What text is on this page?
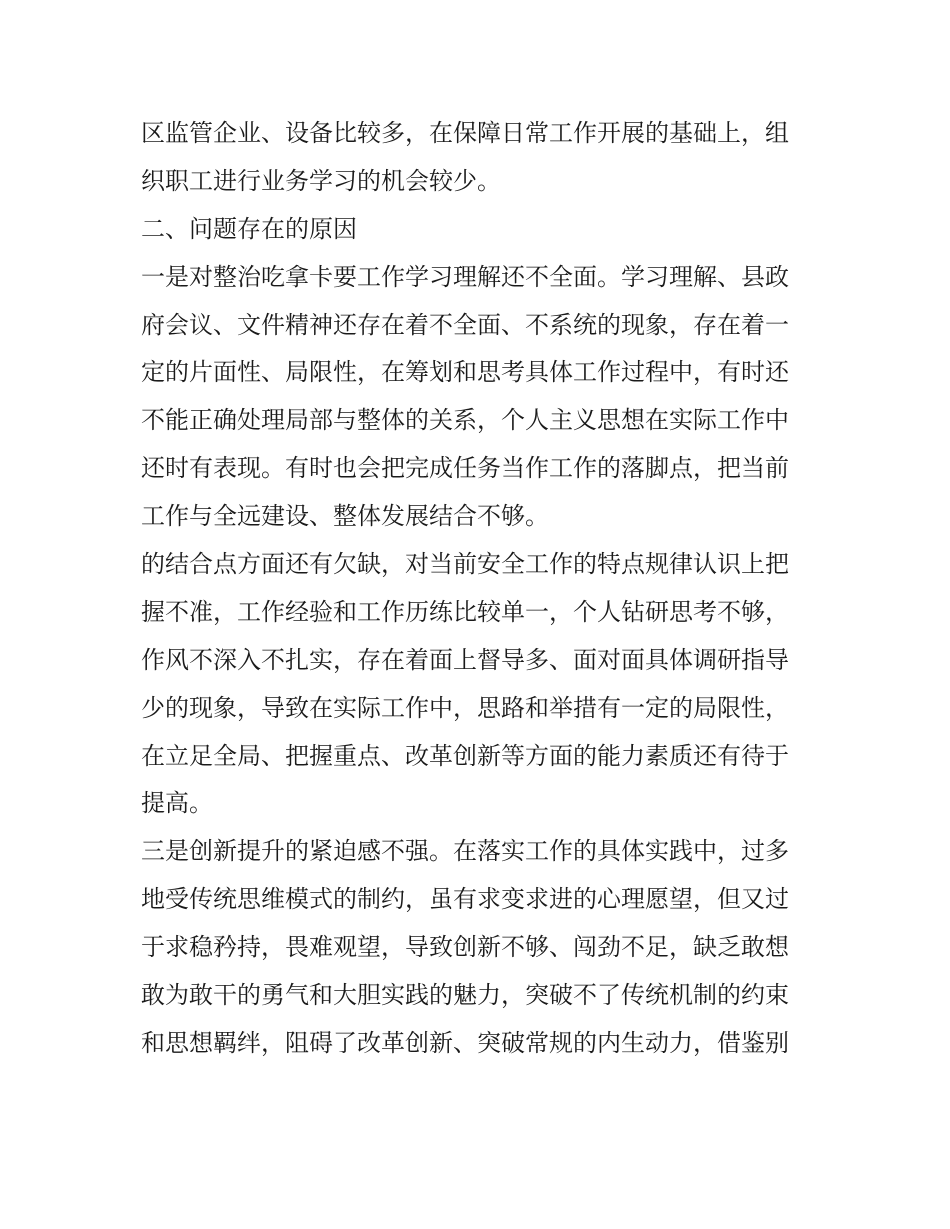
区监管企业、设备比较多，在保障日常工作开展的基础上，组
织职工进行业务学习的机会较少。
二、问题存在的原因
一是对整治吃拿卡要工作学习理解还不全面。学习理解、县政
府会议、文件精神还存在着不全面、不系统的现象，存在着一
定的片面性、局限性，在筹划和思考具体工作过程中，有时还
不能正确处理局部与整体的关系，个人主义思想在实际工作中
还时有表现。有时也会把完成任务当作工作的落脚点，把当前
工作与全远建设、整体发展结合不够。
的结合点方面还有欠缺，对当前安全工作的特点规律认识上把
握不准，工作经验和工作历练比较单一，个人钻研思考不够，
作风不深入不扎实，存在着面上督导多、面对面具体调研指导
少的现象，导致在实际工作中，思路和举措有一定的局限性，
在立足全局、把握重点、改革创新等方面的能力素质还有待于
提高。
三是创新提升的紧迫感不强。在落实工作的具体实践中，过多
地受传统思维模式的制约，虽有求变求进的心理愿望，但又过
于求稳矜持，畏难观望，导致创新不够、闯劲不足，缺乏敢想
敢为敢干的勇气和大胆实践的魅力，突破不了传统机制的约束
和思想羁绊，阻碍了改革创新、突破常规的内生动力，借鉴别
